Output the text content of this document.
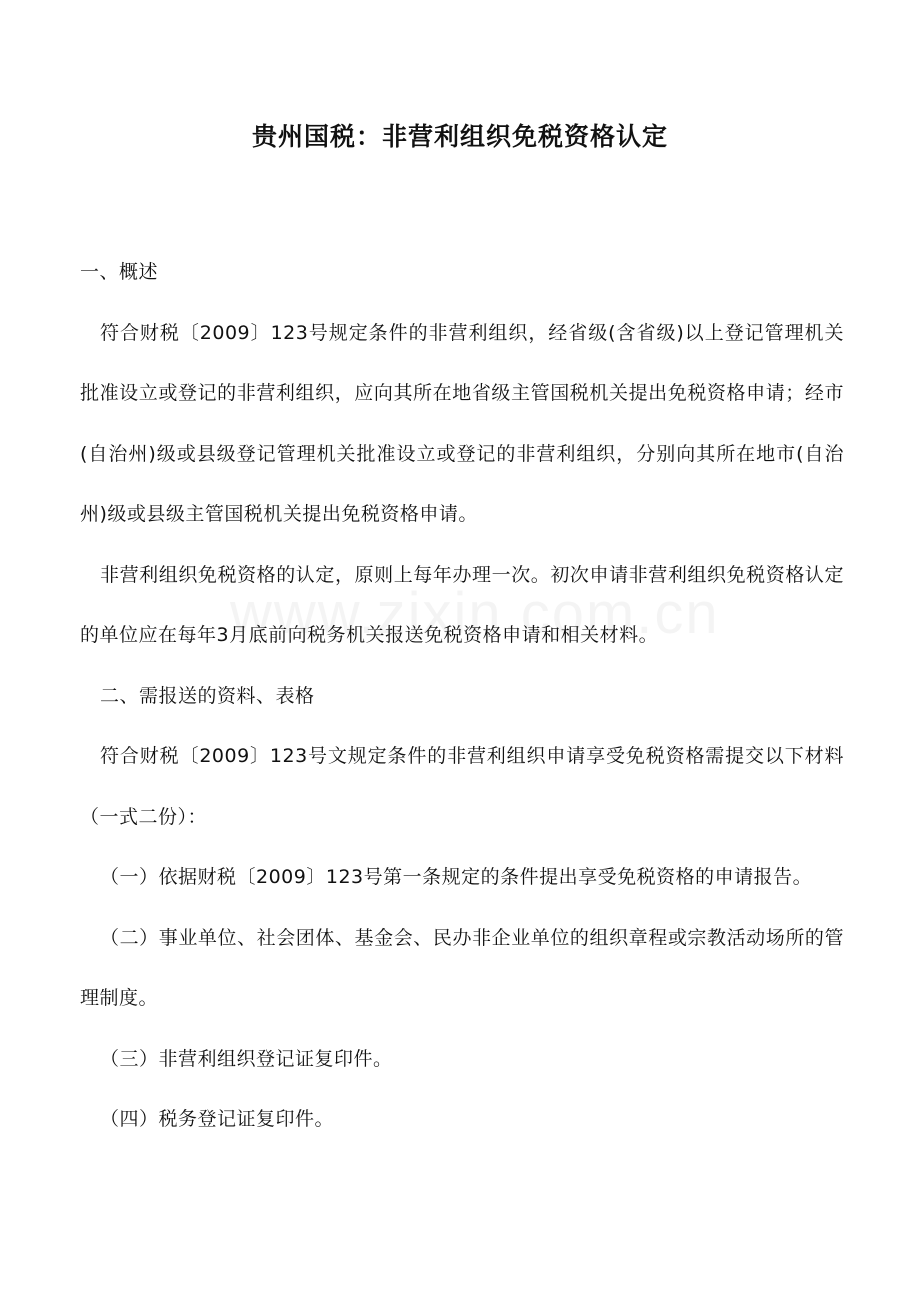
贵州国税：非营利组织免税资格认定

一、概述

符合财税〔2009〕123号规定条件的非营利组织，经省级(含省级)以上登记管理机关批准设立或登记的非营利组织，应向其所在地省级主管国税机关提出免税资格申请；经市(自治州)级或县级登记管理机关批准设立或登记的非营利组织，分别向其所在地市(自治州)级或县级主管国税机关提出免税资格申请。

非营利组织免税资格的认定，原则上每年办理一次。初次申请非营利组织免税资格认定的单位应在每年3月底前向税务机关报送免税资格申请和相关材料。

二、需报送的资料、表格

符合财税〔2009〕123号文规定条件的非营利组织申请享受免税资格需提交以下材料（一式二份）：

（一）依据财税〔2009〕123号第一条规定的条件提出享受免税资格的申请报告。

（二）事业单位、社会团体、基金会、民办非企业单位的组织章程或宗教活动场所的管理制度。

（三）非营利组织登记证复印件。

（四）税务登记证复印件。
